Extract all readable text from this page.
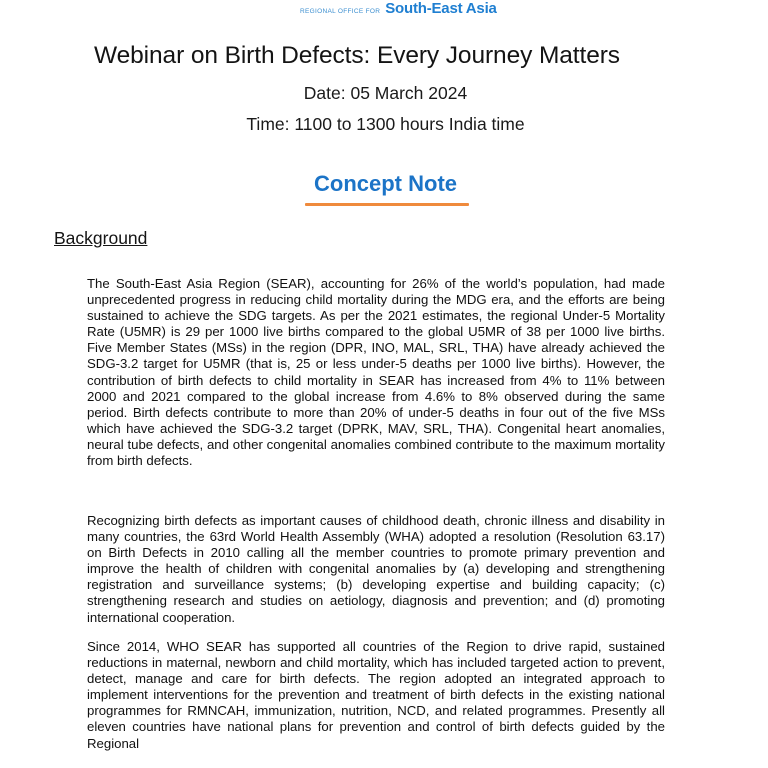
REGIONAL OFFICE FOR South-East Asia
Webinar on Birth Defects: Every Journey Matters
Date: 05 March 2024
Time: 1100 to 1300 hours India time
Concept Note
Background

The South-East Asia Region (SEAR), accounting for 26% of the world’s population, had made unprecedented progress in reducing child mortality during the MDG era, and the efforts are being sustained to achieve the SDG targets. As per the 2021 estimates, the regional Under-5 Mortality Rate (U5MR) is 29 per 1000 live births compared to the global U5MR of 38 per 1000 live births. Five Member States (MSs) in the region (DPR, INO, MAL, SRL, THA) have already achieved the SDG-3.2 target for U5MR (that is, 25 or less under-5 deaths per 1000 live births). However, the contribution of birth defects to child mortality in SEAR has increased from 4% to 11% between 2000 and 2021 compared to the global increase from 4.6% to 8% observed during the same period. Birth defects contribute to more than 20% of under-5 deaths in four out of the five MSs which have achieved the SDG-3.2 target (DPRK, MAV, SRL, THA). Congenital heart anomalies, neural tube defects, and other congenital anomalies combined contribute to the maximum mortality from birth defects.

Recognizing birth defects as important causes of childhood death, chronic illness and disability in many countries, the 63rd World Health Assembly (WHA) adopted a resolution (Resolution 63.17) on Birth Defects in 2010 calling all the member countries to promote primary prevention and improve the health of children with congenital anomalies by (a) developing and strengthening registration and surveillance systems; (b) developing expertise and building capacity; (c) strengthening research and studies on aetiology, diagnosis and prevention; and (d) promoting international cooperation.

Since 2014, WHO SEAR has supported all countries of the Region to drive rapid, sustained reductions in maternal, newborn and child mortality, which has included targeted action to prevent, detect, manage and care for birth defects. The region adopted an integrated approach to implement interventions for the prevention and treatment of birth defects in the existing national programmes for RMNCAH, immunization, nutrition, NCD, and related programmes. Presently all eleven countries have national plans for prevention and control of birth defects guided by the Regional
